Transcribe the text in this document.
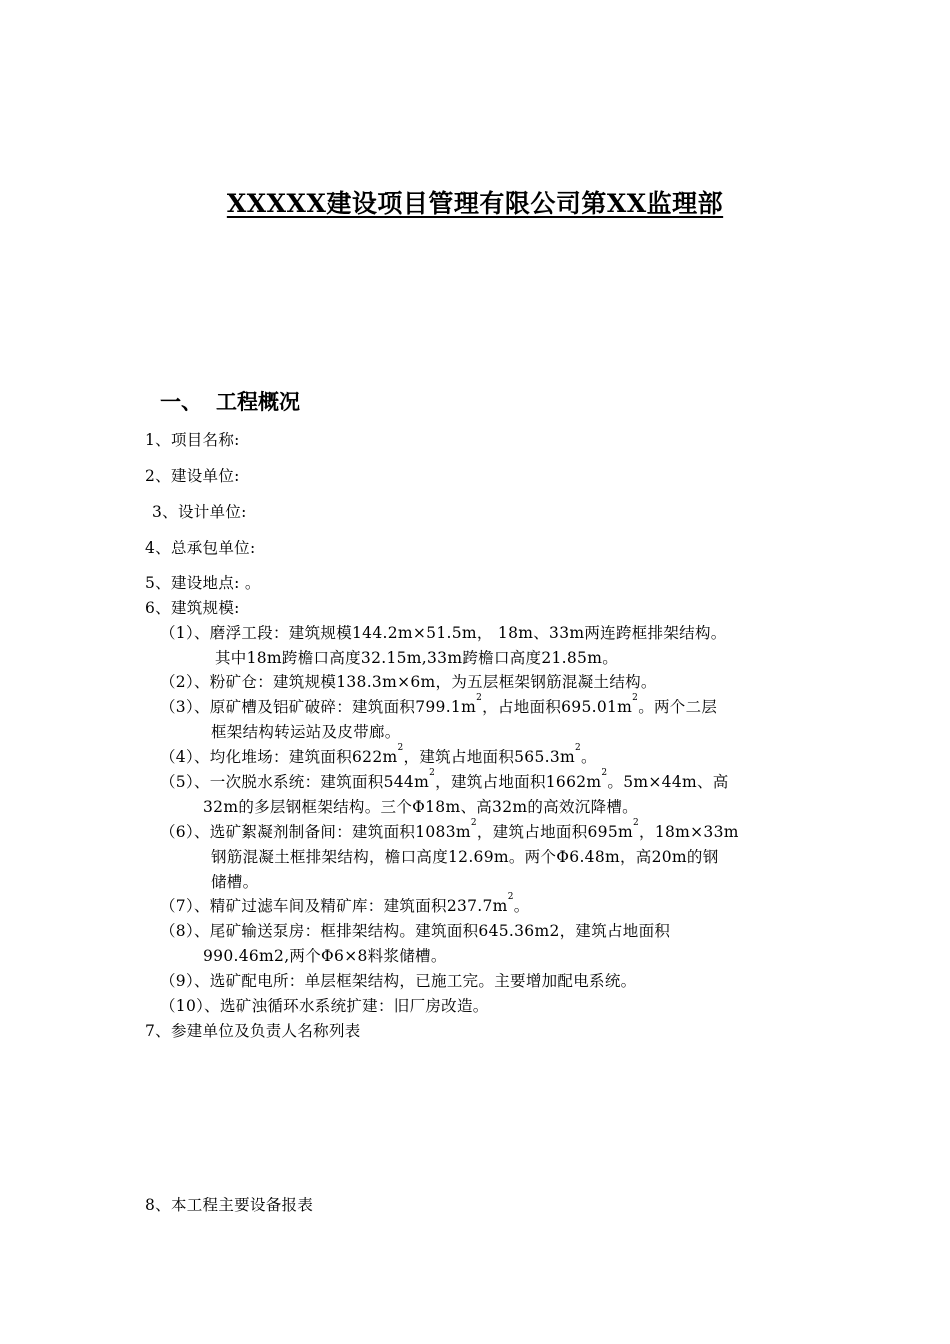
XXXXX建设项目管理有限公司第XX监理部
一、 工程概况
1、项目名称:
2、建设单位:
3、设计单位:
4、总承包单位:
5、建设地点: 。
6、建筑规模:
（1）、磨浮工段：建筑规模144.2m×51.5m， 18m、33m两连跨框排架结构。
其中18m跨檐口高度32.15m,33m跨檐口高度21.85m。
（2）、粉矿仓：建筑规模138.3m×6m，为五层框架钢筋混凝土结构。
（3）、原矿槽及铝矿破碎：建筑面积$799.1m^2$，占地面积$695.01m^2$。两个二层
框架结构转运站及皮带廊。
（4）、均化堆场：建筑面积$622m^2$，建筑占地面积$565.3m^2$。
（5）、一次脱水系统：建筑面积$544m^2$，建筑占地面积$1662m^2$。5m×44m、高
32m的多层钢框架结构。三个Φ18m、高32m的高效沉降槽。
（6）、选矿絮凝剂制备间：建筑面积$1083m^2$，建筑占地面积$695m^2$，18m×33m
钢筋混凝土框排架结构，檐口高度12.69m。两个Φ6.48m，高20m的钢
储槽。
（7）、精矿过滤车间及精矿库：建筑面积$237.7m^2$。
（8）、尾矿输送泵房：框排架结构。建筑面积645.36m2，建筑占地面积
990.46m2,两个Φ6×8料浆储槽。
（9）、选矿配电所：单层框架结构，已施工完。主要增加配电系统。
（10）、选矿浊循环水系统扩建：旧厂房改造。
7、参建单位及负责人名称列表
8、本工程主要设备报表
